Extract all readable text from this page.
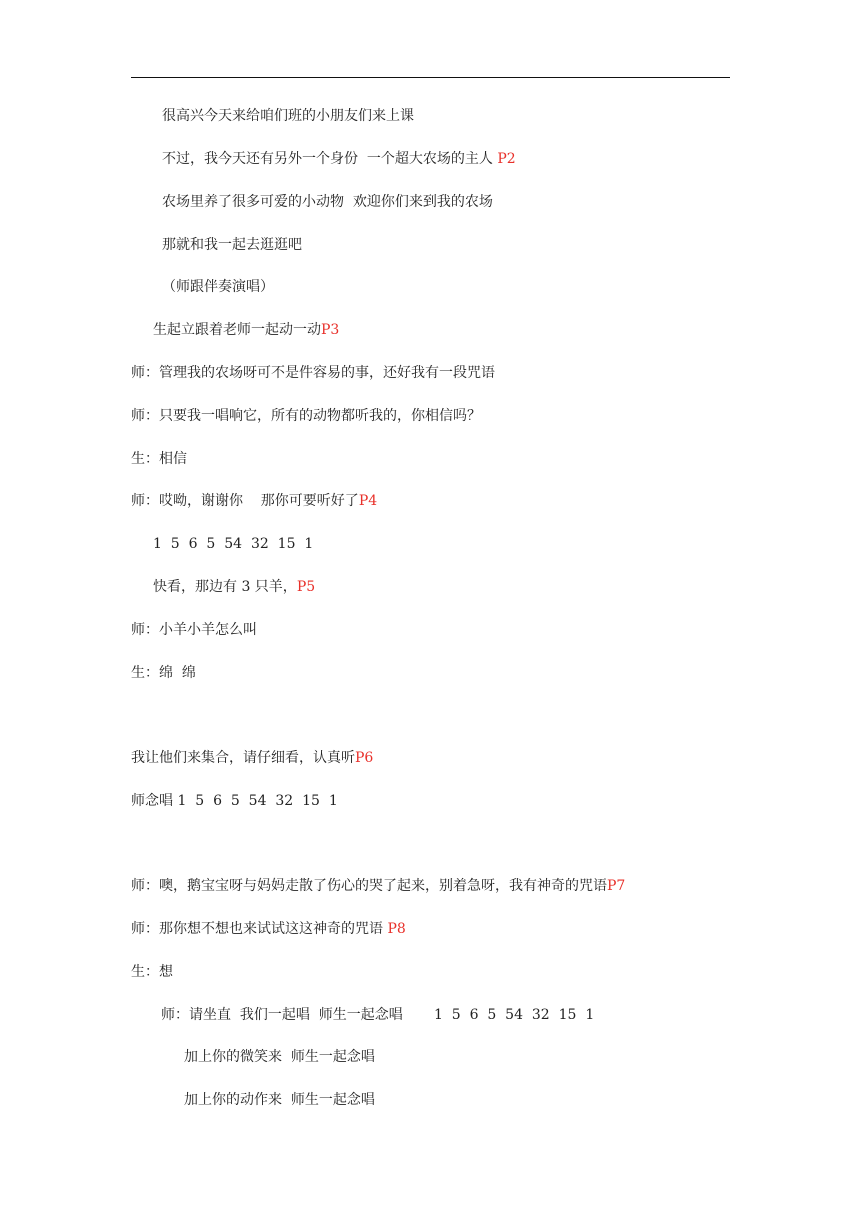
很高兴今天来给咱们班的小朋友们来上课
不过，我今天还有另外一个身份  一个超大农场的主人 P2
农场里养了很多可爱的小动物  欢迎你们来到我的农场
那就和我一起去逛逛吧
（师跟伴奏演唱）
生起立跟着老师一起动一动P3
师：管理我的农场呀可不是件容易的事，还好我有一段咒语
师：只要我一唱响它，所有的动物都听我的，你相信吗？
生：相信
师：哎呦，谢谢你    那你可要听好了P4
1  5  6  5  54  32  15  1
快看，那边有 3 只羊，P5
师：小羊小羊怎么叫
生：绵  绵
我让他们来集合，请仔细看，认真听P6
师念唱 1  5  6  5  54  32  15  1
师：噢，鹅宝宝呀与妈妈走散了伤心的哭了起来，别着急呀，我有神奇的咒语P7
师：那你想不想也来试试这这神奇的咒语 P8
生：想
师：请坐直  我们一起唱  师生一起念唱       1  5  6  5  54  32  15  1
加上你的微笑来  师生一起念唱
加上你的动作来  师生一起念唱
